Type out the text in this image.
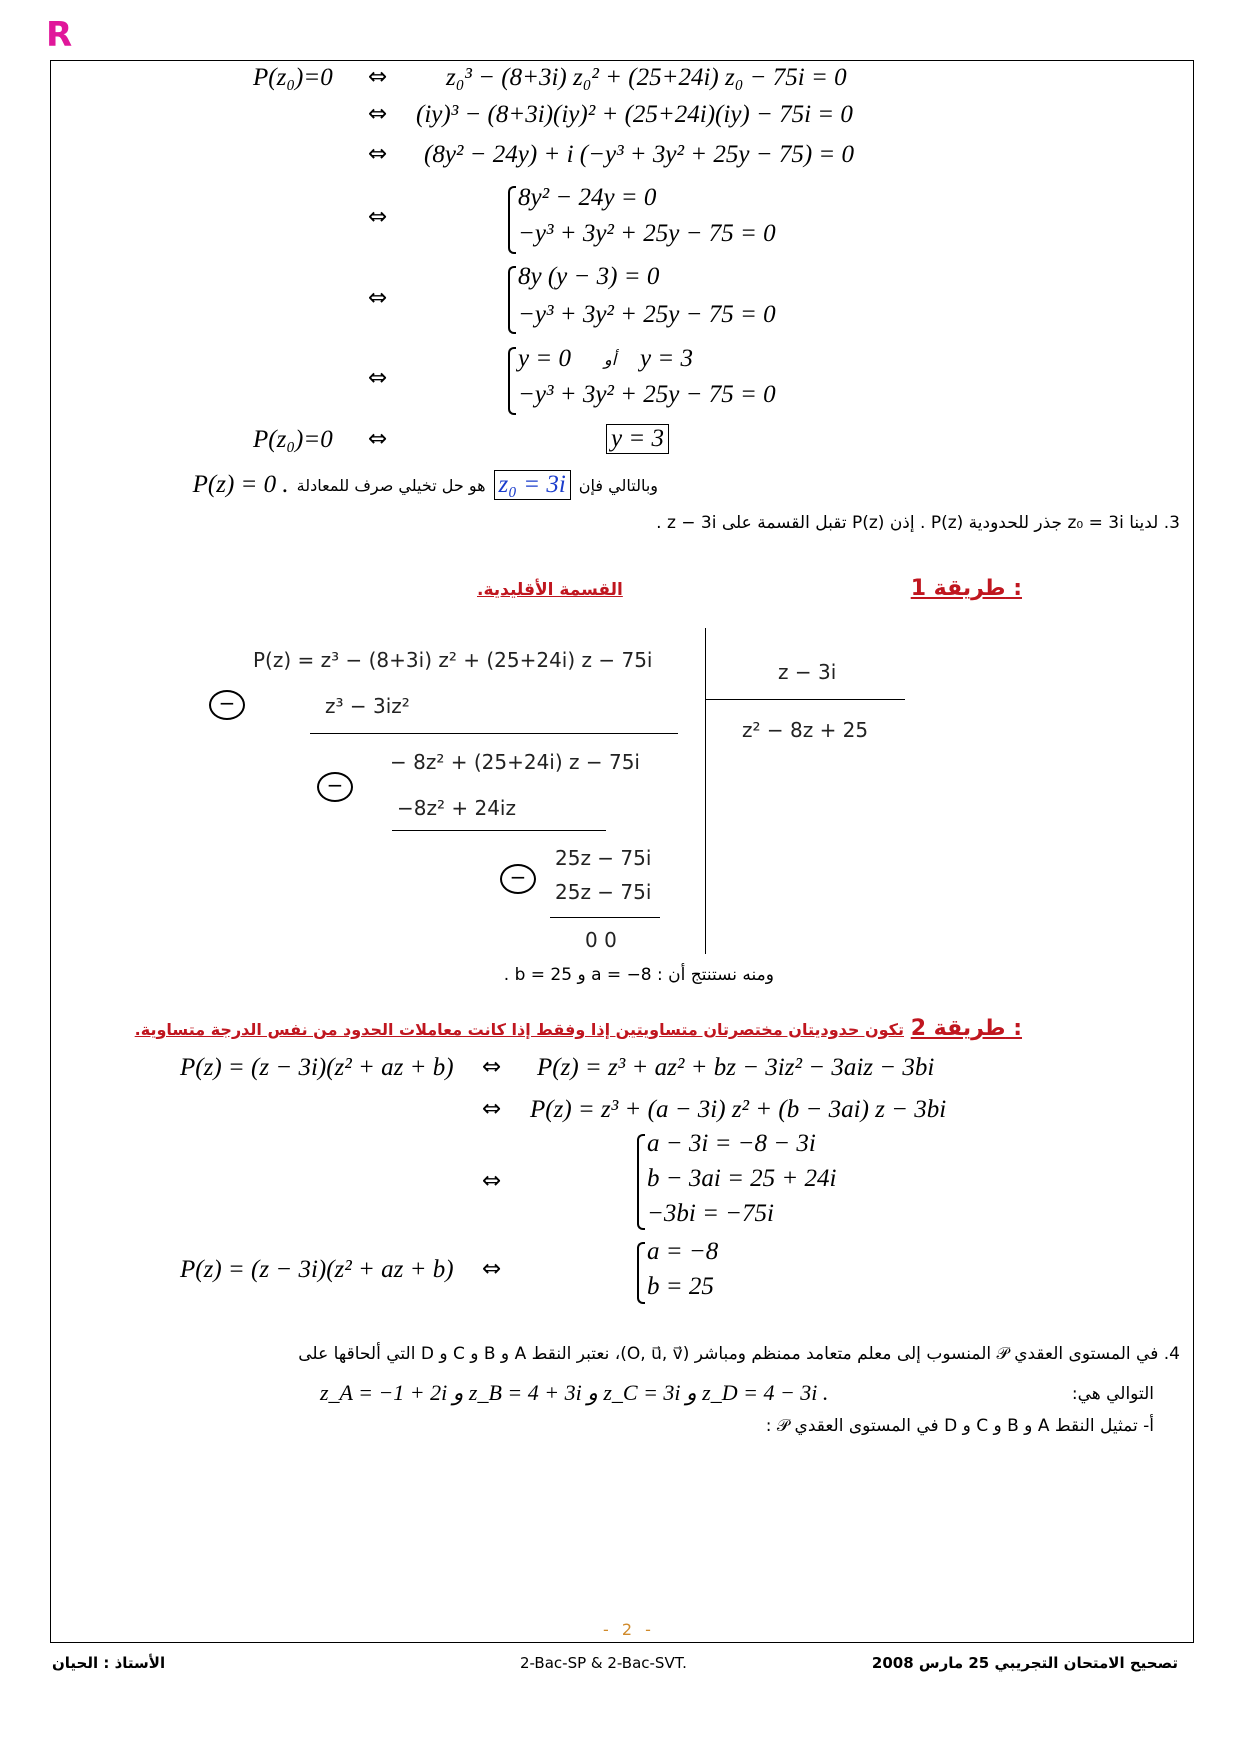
R
P(z₀)=0 ⇔ z₀³ − (8+3i) z₀² + (25+24i) z₀ − 75i = 0
⇔ (iy)³ − (8+3i)(iy)² + (25+24i)(iy) − 75i = 0
⇔ (8y² − 24y) + i (−y³ + 3y² + 25y − 75) = 0
⇔
8y² − 24y = 0
−y³ + 3y² + 25y − 75 = 0
⇔
8y (y − 3) = 0
−y³ + 3y² + 25y − 75 = 0
⇔
y = 0 أو y = 3
−y³ + 3y² + 25y − 75 = 0
P(z₀)=0 ⇔	y = 3
وبالتالي فإن
z₀ = 3i
هو حل تخيلي صرف للمعادلة
P(z) = 0 .
3. لدينا z₀ = 3i جذر للحدودية P(z) . إذن P(z) تقبل القسمة على z − 3i .
طريقة 1 :
القسمة الأقليدية.
P(z) = z³ − (8+3i) z² + (25+24i) z − 75i	z − 3i
z² − 8z + 25
−	z³ − 3iz²
− 8z² + (25+24i) z − 75i
−
−8z² + 24iz
25z − 75i
−
25z − 75i
0 0
ومنه نستنتج أن : a = −8 و b = 25 .
طريقة 2 :
تكون حدوديتان مختصرتان متساويتين إذا وفقط إذا كانت معاملات الحدود من نفس الدرجة متساوية.
P(z) = (z − 3i)(z² + az + b) ⇔ P(z) = z³ + az² + bz − 3iz² − 3aiz − 3bi
⇔ P(z) = z³ + (a − 3i) z² + (b − 3ai) z − 3bi
⇔
a − 3i = −8 − 3i
b − 3ai = 25 + 24i
−3bi = −75i
P(z) = (z − 3i)(z² + az + b) ⇔
a = −8
b = 25
4. في المستوى العقدي 𝒫 المنسوب إلى معلم متعامد ممنظم ومباشر (O, u⃗, v⃗)، نعتبر النقط A و B و C و D التي ألحاقها على
التوالي هي:
z_A = −1 + 2i و z_B = 4 + 3i و z_C = 3i و z_D = 4 − 3i .
أ- تمثيل النقط A و B و C و D في المستوى العقدي 𝒫 :
- 2 -
الأستاذ : الحيان	2-Bac-SP & 2-Bac-SVT.	تصحيح الامتحان التجريبي 25 مارس 2008
